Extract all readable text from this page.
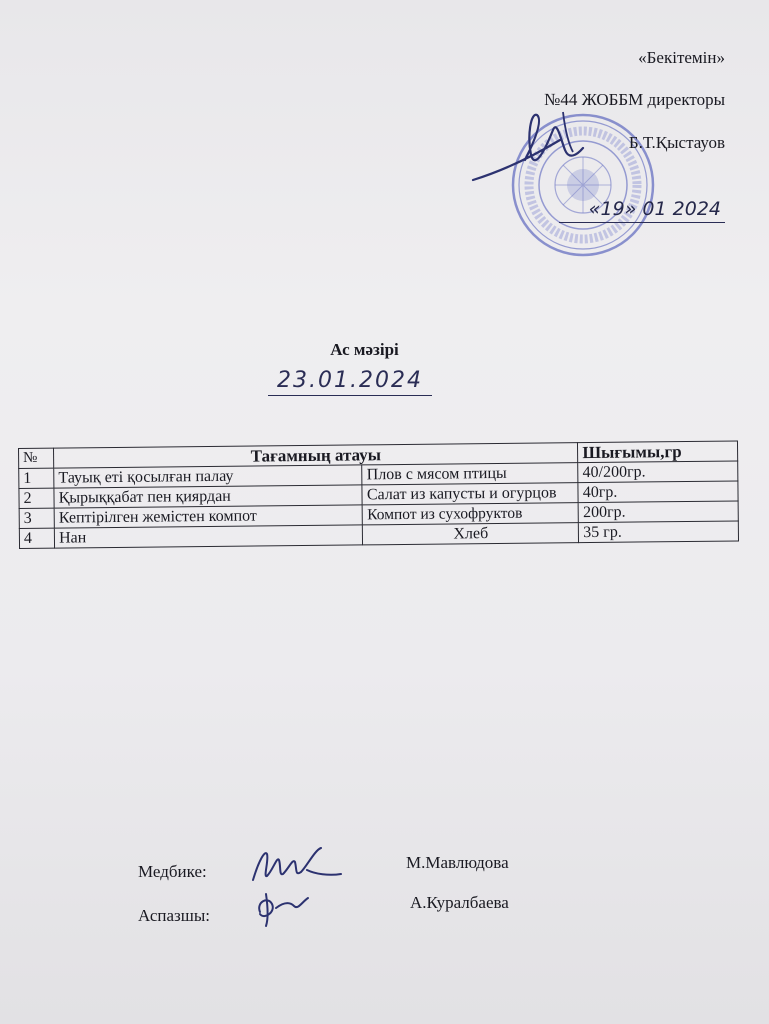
«Бекітемін»
№44 ЖОББМ директоры
Б.Т.Қыстауов
«19» 01 2024
Ас мәзірі
23.01.2024
№	Тағамның атауы		Шығымы,гр
1	Тауық еті қосылған палау	Плов с мясом птицы	40/200гр.
2	Қырыққабат пен қиярдан	Салат из капусты и огурцов	40гр.
3	Кептірілген жемістен компот	Компот из сухофруктов	200гр.
4	Нан	Хлеб	35 гр.
Медбике:	М.Мавлюдова
Аспазшы:
А.Куралбаева
